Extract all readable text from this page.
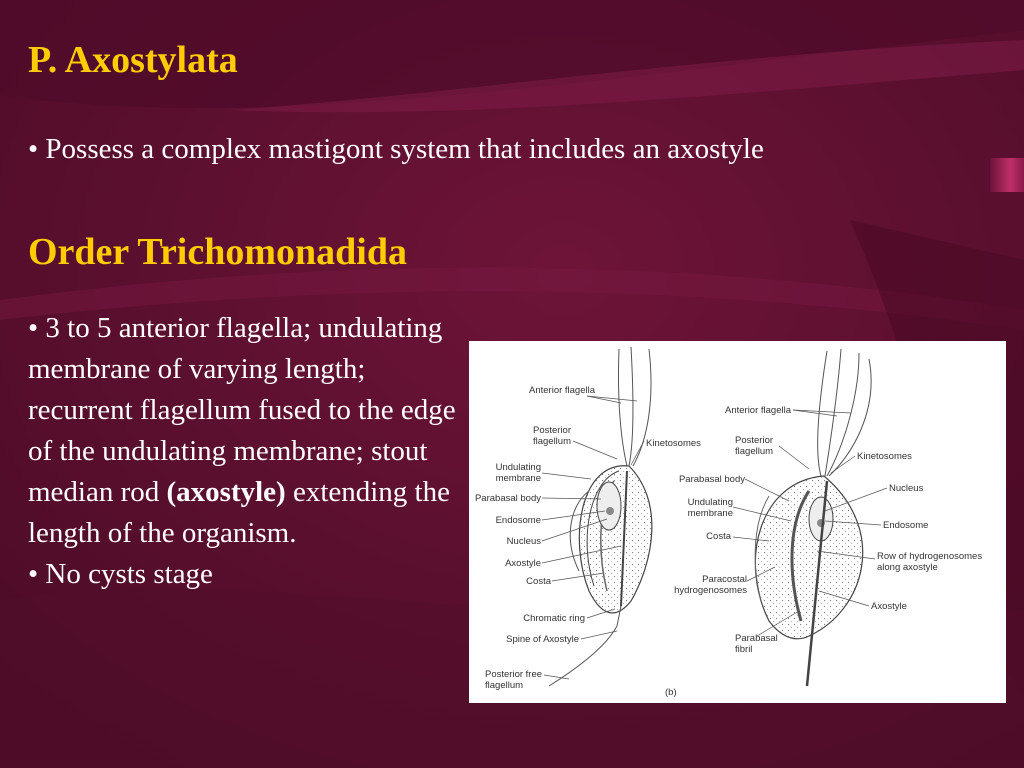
P. Axostylata

• Possess a complex mastigont system that includes an axostyle

Order Trichomonadida

• 3 to 5 anterior flagella; undulating membrane of varying length; recurrent flagellum fused to the edge of the undulating membrane; stout median rod (axostyle) extending the length of the organism.
• No cysts stage

Anterior flagella
Posterior flagellum	Kinetosomes
Undulating membrane
Parabasal body
Endosome
Nucleus
Axostyle
Costa
Chromatic ring
Spine of Axostyle
Posterior free flagellum
(b)
Anterior flagella
Posterior flagellum	Kinetosomes
Parabasal body
Nucleus
Undulating membrane
Endosome
Costa
Row of hydrogenosomes along axostyle
Paracostal hydrogenosomes
Axostyle
Parabasal fibril
